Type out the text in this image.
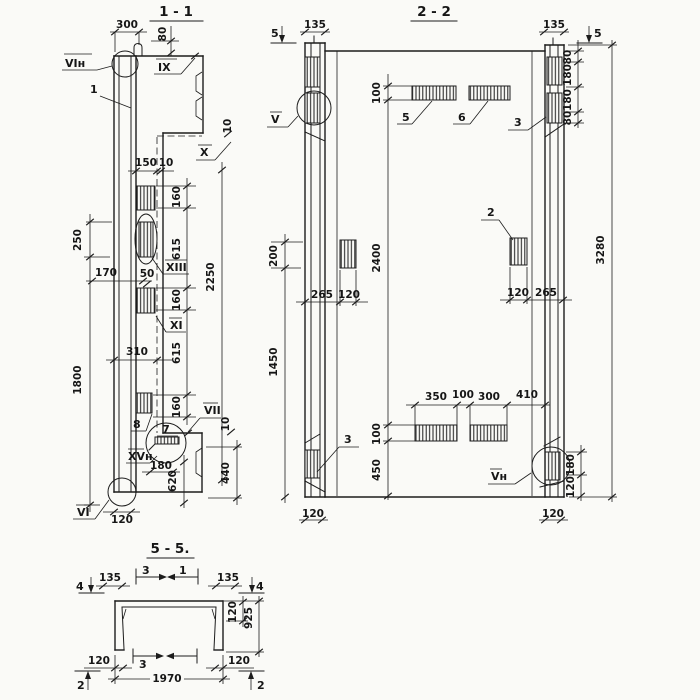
1 - 1
300
80
10
150 10
160
615
160
615
160
2250
440
310
250
1800
170 50
180
620
10
120
VIн	IX
X
XIII
XI
VII
XVн
VI
1
8 7
2 - 2
5	5
135	135
80
180
180
80
3280
100
2400
100
450
200
1450
265 120	120 265
350 100 300 410
180
120
120	120
V
Vн
5	6	3
2
3
5 - 5.
4	4
3	1
3
2	2
135	135
120 925
120	120
1970
